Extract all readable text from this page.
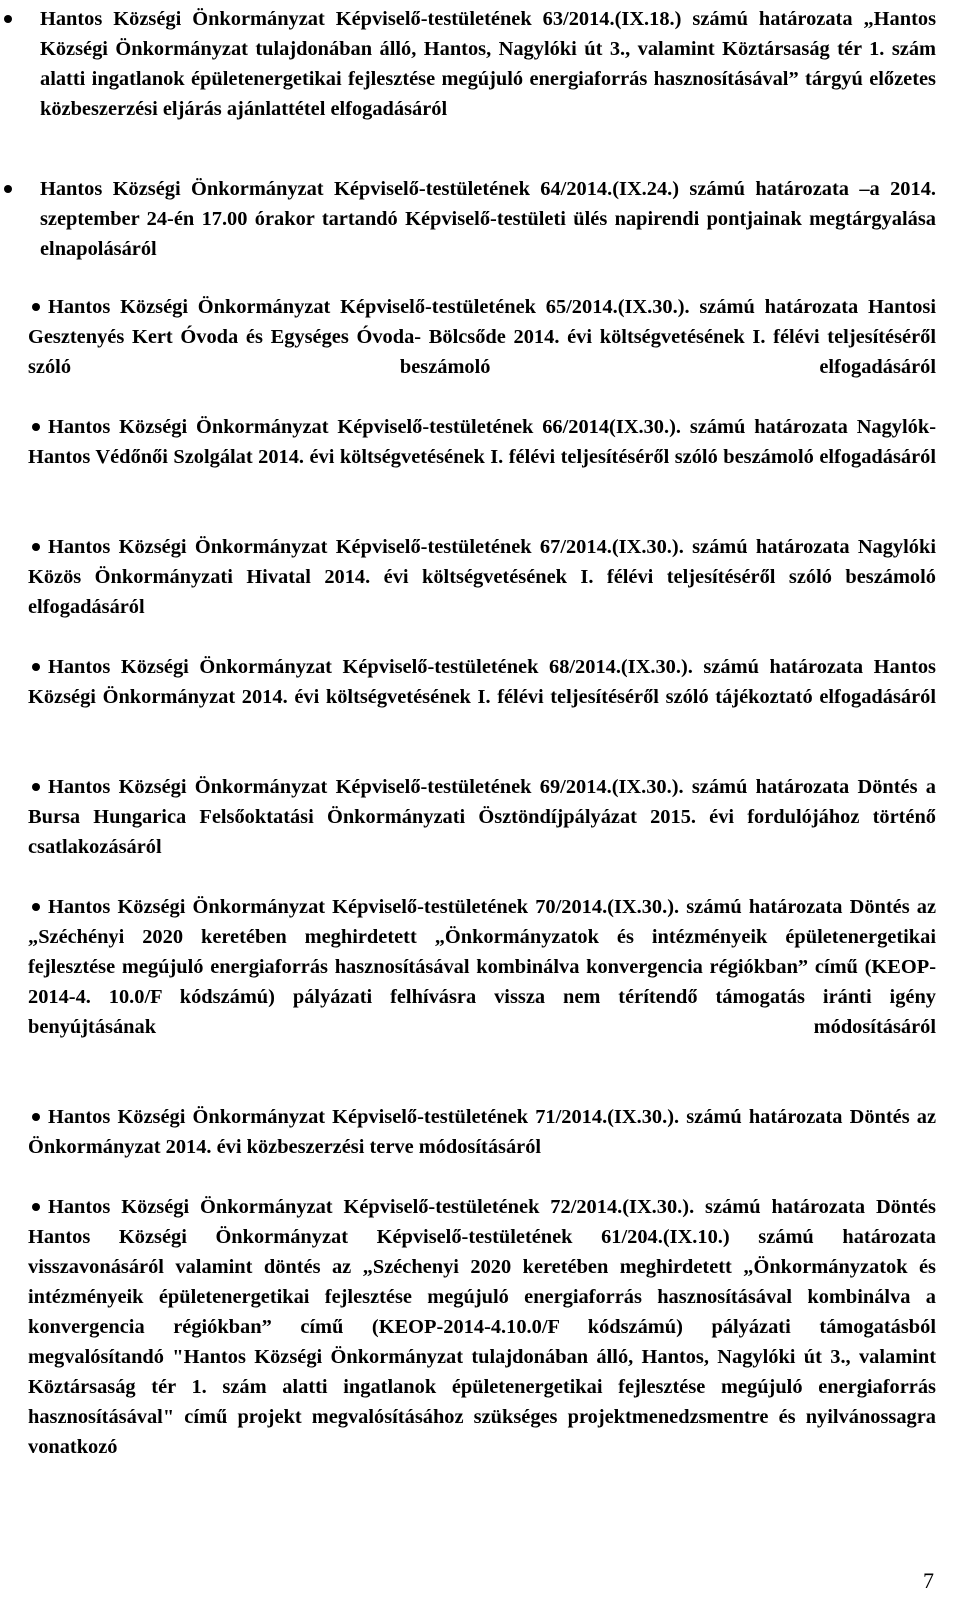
Hantos Községi Önkormányzat Képviselő-testületének 63/2014.(IX.18.) számú határozata „Hantos Községi Önkormányzat tulajdonában álló, Hantos, Nagylóki út 3., valamint Köztársaság tér 1. szám alatti ingatlanok épületenergetikai fejlesztése megújuló energiaforrás hasznosításával” tárgyú előzetes közbeszerzési eljárás ajánlattétel elfogadásáról
Hantos Községi Önkormányzat Képviselő-testületének 64/2014.(IX.24.) számú határozata –a 2014. szeptember 24-én 17.00 órakor tartandó Képviselő-testületi ülés napirendi pontjainak megtárgyalása elnapolásáról
Hantos Községi Önkormányzat Képviselő-testületének 65/2014.(IX.30.). számú határozata Hantosi Gesztenyés Kert Óvoda és Egységes Óvoda- Bölcsőde 2014. évi költségvetésének I. félévi teljesítéséről szóló beszámoló elfogadásáról
Hantos Községi Önkormányzat Képviselő-testületének 66/2014(IX.30.). számú határozata Nagylók- Hantos Védőnői Szolgálat 2014. évi költségvetésének I. félévi teljesítéséről szóló beszámoló elfogadásáról
Hantos Községi Önkormányzat Képviselő-testületének 67/2014.(IX.30.). számú határozata Nagylóki Közös Önkormányzati Hivatal 2014. évi költségvetésének I. félévi teljesítéséről szóló beszámoló elfogadásáról
Hantos Községi Önkormányzat Képviselő-testületének 68/2014.(IX.30.). számú határozata Hantos Községi Önkormányzat 2014. évi költségvetésének I. félévi teljesítéséről szóló tájékoztató elfogadásáról
Hantos Községi Önkormányzat Képviselő-testületének 69/2014.(IX.30.). számú határozata Döntés a Bursa Hungarica Felsőoktatási Önkormányzati Ösztöndíjpályázat 2015. évi fordulójához történő csatlakozásáról
Hantos Községi Önkormányzat Képviselő-testületének 70/2014.(IX.30.). számú határozata Döntés az „Széchényi 2020 keretében meghirdetett „Önkormányzatok és intézményeik épületenergetikai fejlesztése megújuló energiaforrás hasznosításával kombinálva konvergencia régiókban” című (KEOP-2014-4. 10.0/F kódszámú) pályázati felhívásra vissza nem térítendő támogatás iránti igény benyújtásának módosításáról
Hantos Községi Önkormányzat Képviselő-testületének 71/2014.(IX.30.). számú határozata Döntés az Önkormányzat 2014. évi közbeszerzési terve módosításáról
Hantos Községi Önkormányzat Képviselő-testületének 72/2014.(IX.30.). számú határozata Döntés Hantos Községi Önkormányzat Képviselő-testületének 61/204.(IX.10.) számú határozata visszavonásáról valamint döntés az „Széchenyi 2020 keretében meghirdetett „Önkormányzatok és intézményeik épületenergetikai fejlesztése megújuló energiaforrás hasznosításával kombinálva a konvergencia régiókban” című (KEOP-2014-4.10.0/F kódszámú) pályázati támogatásból megvalósítandó "Hantos Községi Önkormányzat tulajdonában álló, Hantos, Nagylóki út 3., valamint Köztársaság tér 1. szám alatti ingatlanok épületenergetikai fejlesztése megújuló energiaforrás hasznosításával" című projekt megvalósításához szükséges projektmenedzsmentre és nyilvánossagra vonatkozó
7
